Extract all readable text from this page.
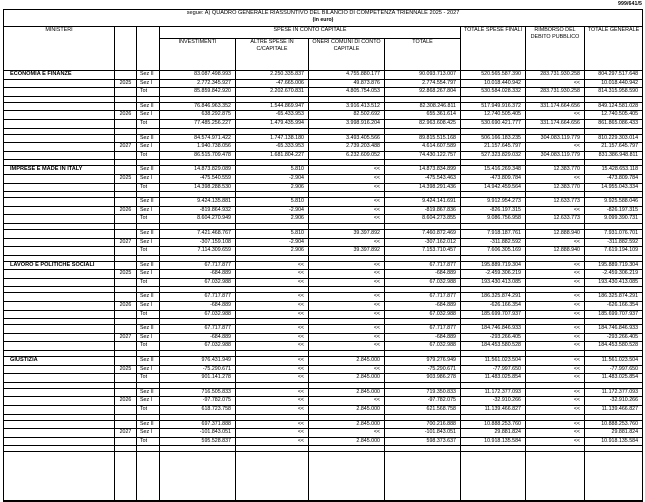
999/641/5
segue: A) QUADRO GENERALE RIASSUNTIVO DEL BILANCIO DI COMPETENZA TRIENNALE 2025 - 2027
(in euro)									

MINISTERI			SPESE IN CONTO CAPITALE				TOTALE SPESE FINALI	RIMBORSO DEL DEBITO PUBBLICO	TOTALE GENERALE
			INVESTIMENTI	ALTRE SPESE IN C/CAPITALE	ONERI COMUNI DI CONTO CAPITALE	TOTALE			
ECONOMIA E FINANZE		Sez II	83.087.498.993	2.250.335.837	4.755.880.177	90.093.713.007	520.565.587.390	283.731.930.258	804.297.517.648
	2025	Sez I	2.772.345.927	-47.665.006	49.873.876	2.774.554.797	10.018.440.942	<<	10.018.440.942
		Tot	85.859.842.920	2.202.670.831	4.805.754.053	92.868.267.804	530.584.028.332	283.731.930.258	814.315.958.590

		Sez II	76.846.963.352	1.544.869.947	3.916.413.512	82.308.246.811	517.949.916.372	331.174.664.656	849.124.581.028
	2026	Sez I	638.292.875	-65.433.953	82.502.692	655.361.614	12.740.505.405	<<	12.740.505.405
		Tot	77.485.256.227	1.479.435.994	3.998.916.204	82.963.608.425	530.690.421.777	331.174.664.656	861.865.086.433

		Sez II	84.574.971.422	1.747.138.180	3.493.405.566	89.815.515.168	506.166.183.235	304.083.119.779	810.229.303.014
	2027	Sez I	1.940.738.056	-65.333.953	2.739.203.488	4.614.607.589	21.157.645.797	<<	21.157.645.797
		Tot	86.515.709.478	1.681.804.227	6.232.609.052	74.430.122.757	527.323.829.032	304.083.119.779	831.386.948.811

IMPRESE E MADE IN ITALY		Sez II	14.873.829.089	5.810	<<	14.873.834.899	15.416.269.348	12.383.770	15.428.653.118
	2025	Sez I	-475.540.559	-2.904	<<	-475.543.463	-473.809.784	<<	-473.809.784
		Tot	14.398.288.530	2.906	<<	14.398.291.436	14.942.459.564	12.383.770	14.955.043.334

		Sez II	9.424.135.881	5.810	<<	9.424.141.691	9.912.954.273	12.633.773	9.925.588.046
	2026	Sez I	-819.864.932	-2.904	<<	-819.867.836	-826.197.315	<<	-826.197.315
		Tot	8.604.270.949	2.906	<<	8.604.273.855	9.086.756.958	12.633.773	9.099.390.731

		Sez II	7.421.468.767	5.810	39.397.892	7.460.872.469	7.918.187.761	12.888.940	7.931.076.701
	2027	Sez I	-307.159.108	-2.904	<<	-307.162.012	-311.882.592	<<	-311.882.592
		Tot	7.114.309.659	2.906	39.397.892	7.153.710.457	7.606.305.169	12.888.940	7.619.194.109

LAVORO E POLITICHE SOCIALI		Sez II	67.717.877	<<	<<	67.717.877	195.889.719.304	<<	195.889.719.304
	2025	Sez I	-684.889	<<	<<	-684.889	-2.459.306.219	<<	-2.459.306.219
		Tot	67.032.988	<<	<<	67.032.988	193.430.413.085	<<	193.430.413.085

		Sez II	67.717.877	<<	<<	67.717.877	186.325.874.291	<<	186.325.874.291
	2026	Sez I	-684.889	<<	<<	-684.889	-626.166.354	<<	-626.166.354
		Tot	67.032.988	<<	<<	67.032.988	185.699.707.937	<<	185.699.707.937

		Sez II	67.717.877	<<	<<	67.717.877	184.746.846.933	<<	184.746.846.933
	2027	Sez I	-684.889	<<	<<	-684.889	-293.266.405	<<	-293.266.405
		Tot	67.032.988	<<	<<	67.032.988	184.453.580.528	<<	184.453.580.528

GIUSTIZIA		Sez II	976.431.949	<<	2.845.000	979.276.949	11.561.023.504	<<	11.561.023.504
	2025	Sez I	-75.290.671	<<	<<	-75.290.671	-77.997.650	<<	-77.997.650
		Tot	901.141.278	<<	2.845.000	903.986.278	11.483.025.854	<<	11.483.025.854

		Sez II	716.505.833	<<	2.845.000	719.350.833	11.172.377.093	<<	11.172.377.093
	2026	Sez I	-97.782.075	<<	<<	-97.782.075	-32.910.266	<<	-32.910.266
		Tot	618.723.758	<<	2.845.000	621.568.758	11.139.466.827	<<	11.139.466.827

		Sez II	697.371.888	<<	2.845.000	700.216.888	10.888.253.760	<<	10.888.253.760
	2027	Sez I	-101.843.051	<<	<<	-101.843.051	29.881.824	<<	29.881.824
		Tot	595.528.837	<<	2.845.000	598.373.637	10.918.135.584	<<	10.918.135.584
